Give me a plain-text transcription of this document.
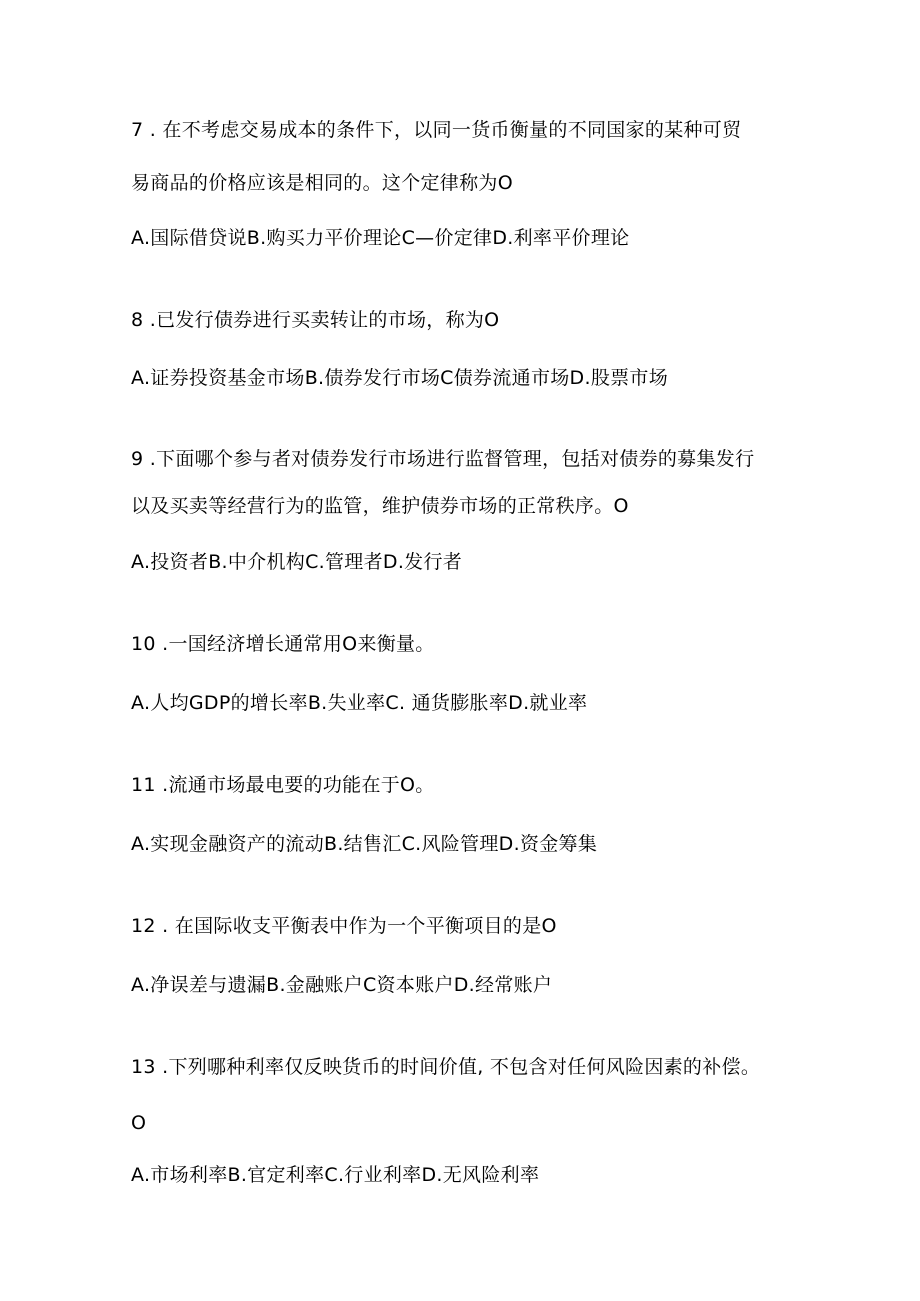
7 . 在不考虑交易成本的条件下，以同一货币衡量的不同国家的某种可贸
易商品的价格应该是相同的。这个定律称为O
A.国际借贷说B.购买力平价理论C—价定律D.利率平价理论
8 .已发行债券进行买卖转让的市场，称为O
A.证券投资基金市场B.债券发行市场C债券流通市场D.股票市场
9 .下面哪个参与者对债券发行市场进行监督管理，包括对债券的募集发行
以及买卖等经营行为的监管，维护债券市场的正常秩序。O
A.投资者B.中介机构C.管理者D.发行者
10 .一国经济增长通常用O来衡量。
A.人均GDP的增长率B.失业率C. 通货膨胀率D.就业率
11 .流通市场最电要的功能在于O。
A.实现金融资产的流动B.结售汇C.风险管理D.资金筹集
12 . 在国际收支平衡表中作为一个平衡项目的是O
A.净误差与遗漏B.金融账户C资本账户D.经常账户
13 .下列哪种利率仅反映货币的时间价值, 不包含对任何风险因素的补偿。
O
A.市场利率B.官定利率C.行业利率D.无风险利率
